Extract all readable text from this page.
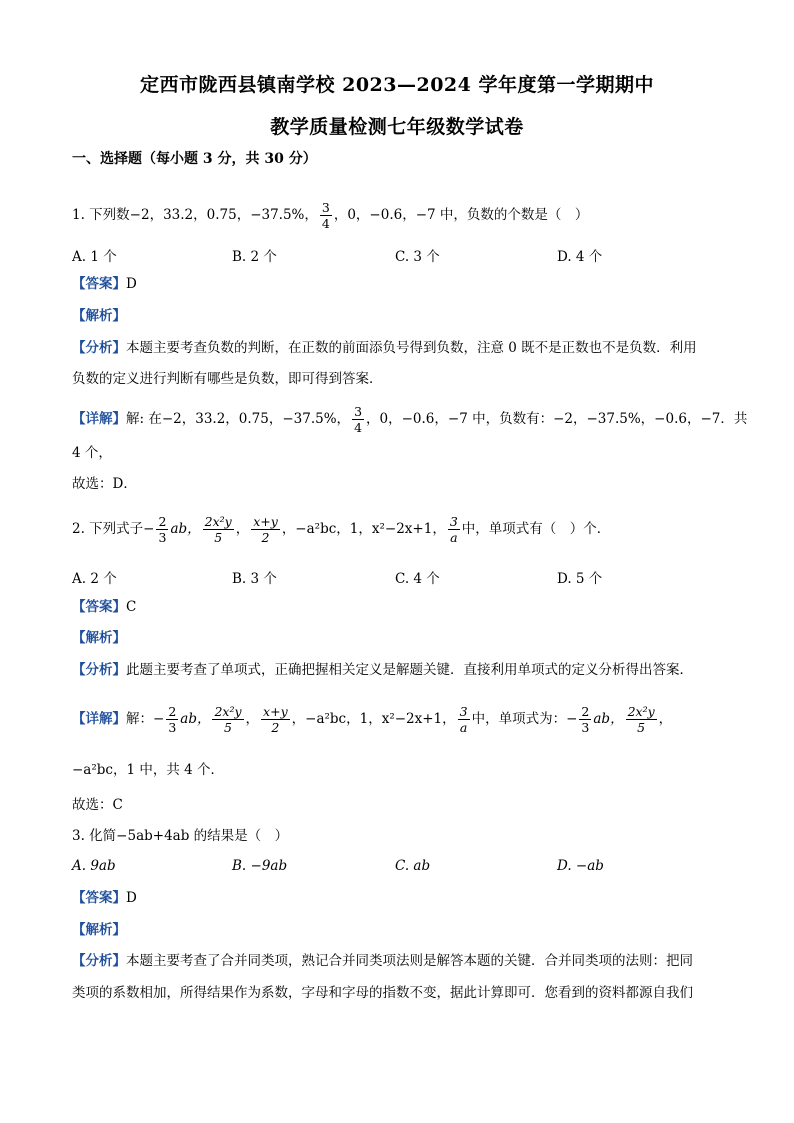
定西市陇西县镇南学校 2023—2024 学年度第一学期期中
教学质量检测七年级数学试卷
一、选择题（每小题 3 分，共 30 分）
1. 下列数−2，33.2，0.75，−37.5%， $\frac{3}{4}$ ，0，−0.6，−7 中，负数的个数是（　）
A. 1 个	B. 2 个	C. 3 个	D. 4 个
【答案】D
【解析】
【分析】本题主要考查负数的判断，在正数的前面添负号得到负数，注意 0 既不是正数也不是负数．利用
负数的定义进行判断有哪些是负数，即可得到答案．
【详解】解: 在−2，33.2，0.75，−37.5%， $\frac{3}{4}$ ，0，−0.6，−7 中，负数有：−2，−37.5%，−0.6，−7．共
4 个，
故选：D．
2. 下列式子− $\frac{2}{3}$ ab， $\frac{\text{2x²y}}{5}$ ， $\frac{x+y}{2}$ ，−a²bc，1，x²−2x+1， $\frac{3}{a}$ 中，单项式有（　）个．
A. 2 个	B. 3 个	C. 4 个	D. 5 个
【答案】C
【解析】
【分析】此题主要考查了单项式，正确把握相关定义是解题关键．直接利用单项式的定义分析得出答案．
【详解】解：− $\frac{2}{3}$ ab， $\frac{\text{2x²y}}{5}$ ， $\frac{x+y}{2}$ ，−a²bc，1，x²−2x+1， $\frac{3}{a}$ 中，单项式为：− $\frac{2}{3}$ ab， $\frac{\text{2x²y}}{5}$ ，
−a²bc，1 中，共 4 个．
故选：C
3. 化简−5ab+4ab 的结果是（　）
A. 9ab	B. −9ab	C. ab	D. −ab
【答案】D
【解析】
【分析】本题主要考查了合并同类项，熟记合并同类项法则是解答本题的关键．合并同类项的法则：把同
类项的系数相加，所得结果作为系数，字母和字母的指数不变，据此计算即可．您看到的资料都源自我们
